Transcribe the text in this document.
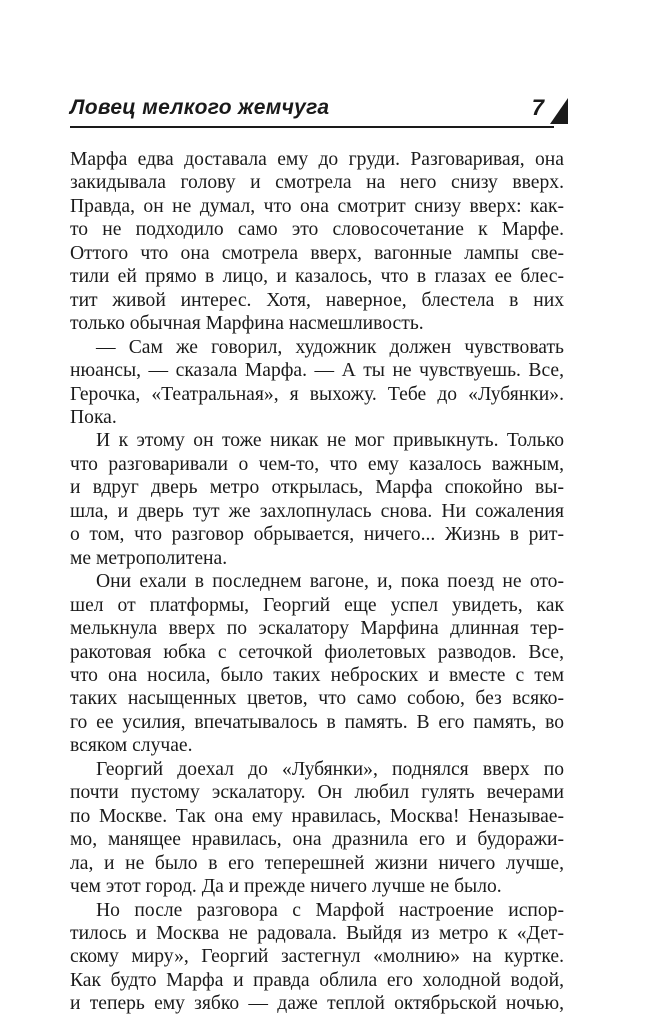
Ловец мелкого жемчуга	7
Марфа едва доставала ему до груди. Разговаривая, она
закидывала голову и смотрела на него снизу вверх.
Правда, он не думал, что она смотрит снизу вверх: как-
то не подходило само это словосочетание к Марфе.
Оттого что она смотрела вверх, вагонные лампы све-
тили ей прямо в лицо, и казалось, что в глазах ее блес-
тит живой интерес. Хотя, наверное, блестела в них
только обычная Марфина насмешливость.
— Сам же говорил, художник должен чувствовать
нюансы, — сказала Марфа. — А ты не чувствуешь. Все,
Герочка, «Театральная», я выхожу. Тебе до «Лубянки».
Пока.
И к этому он тоже никак не мог привыкнуть. Только
что разговаривали о чем-то, что ему казалось важным,
и вдруг дверь метро открылась, Марфа спокойно вы-
шла, и дверь тут же захлопнулась снова. Ни сожаления
о том, что разговор обрывается, ничего... Жизнь в рит-
ме метрополитена.
Они ехали в последнем вагоне, и, пока поезд не ото-
шел от платформы, Георгий еще успел увидеть, как
мелькнула вверх по эскалатору Марфина длинная тер-
ракотовая юбка с сеточкой фиолетовых разводов. Все,
что она носила, было таких неброских и вместе с тем
таких насыщенных цветов, что само собою, без всяко-
го ее усилия, впечатывалось в память. В его память, во
всяком случае.
Георгий доехал до «Лубянки», поднялся вверх по
почти пустому эскалатору. Он любил гулять вечерами
по Москве. Так она ему нравилась, Москва! Неназывае-
мо, манящее нравилась, она дразнила его и будоражи-
ла, и не было в его теперешней жизни ничего лучше,
чем этот город. Да и прежде ничего лучше не было.
Но после разговора с Марфой настроение испор-
тилось и Москва не радовала. Выйдя из метро к «Дет-
скому миру», Георгий застегнул «молнию» на куртке.
Как будто Марфа и правда облила его холодной водой,
и теперь ему зябко — даже теплой октябрьской ночью,
